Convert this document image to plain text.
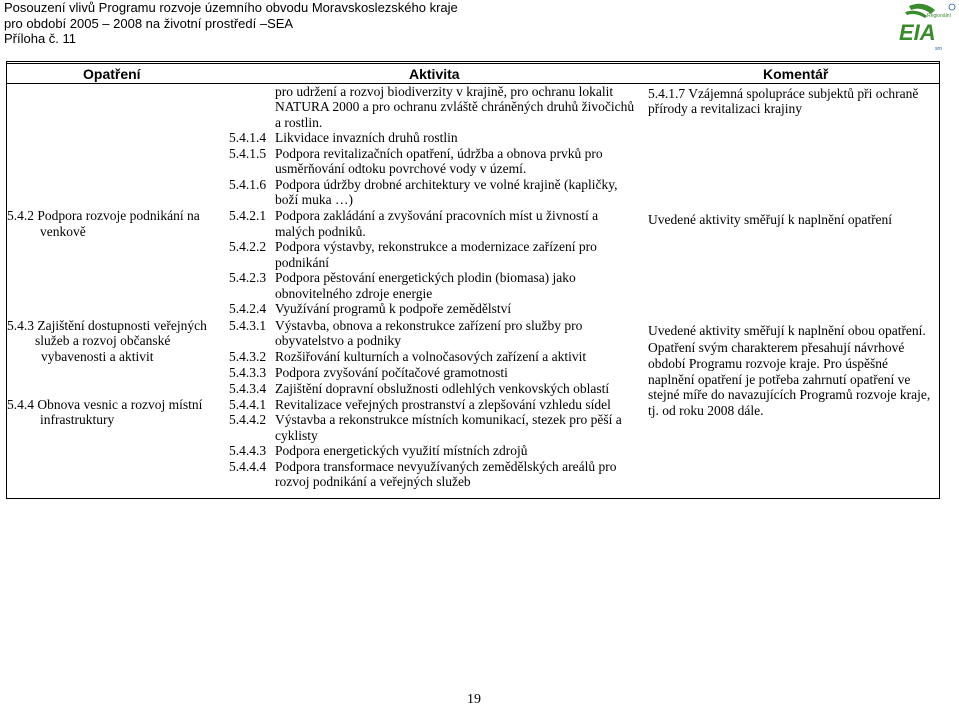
Posouzení vlivů Programu rozvoje územního obvodu Moravskoslezského kraje
pro období 2005 – 2008 na životní prostředí –SEA
Příloha č. 11
Regionální
EIA
sro
Opatření	Aktivita	Komentář
5.4.2 Podpora rozvoje podnikání na
venkově
5.4.3 Zajištění dostupnosti veřejných
služeb a rozvoj občanské
vybavenosti a aktivit
5.4.4 Obnova vesnic a rozvoj místní
infrastruktury
pro udržení a rozvoj biodiverzity v krajině, pro ochranu lokalit
NATURA 2000 a pro ochranu zvláště chráněných druhů živočichů
a rostlin.
5.4.1.4 Likvidace invazních druhů rostlin
5.4.1.5 Podpora revitalizačních opatření, údržba a obnova prvků pro
usměrňování odtoku povrchové vody v území.
5.4.1.6 Podpora údržby drobné architektury ve volné krajině (kapličky,
boží muka …)
5.4.2.1 Podpora zakládání a zvyšování pracovních míst u živností a
malých podniků.
5.4.2.2 Podpora výstavby, rekonstrukce a modernizace zařízení pro
podnikání
5.4.2.3 Podpora pěstování energetických plodin (biomasa) jako
obnovitelného zdroje energie
5.4.2.4 Využívání programů k podpoře zemědělství
5.4.3.1 Výstavba, obnova a rekonstrukce zařízení pro služby pro
obyvatelstvo a podniky
5.4.3.2 Rozšiřování kulturních a volnočasových zařízení a aktivit
5.4.3.3 Podpora zvyšování počítačové gramotnosti
5.4.3.4 Zajištění dopravní obslužnosti odlehlých venkovských oblastí
5.4.4.1 Revitalizace veřejných prostranství a zlepšování vzhledu sídel
5.4.4.2 Výstavba a rekonstrukce místních komunikací, stezek pro pěší a
cyklisty
5.4.4.3 Podpora energetických využití místních zdrojů
5.4.4.4 Podpora transformace nevyužívaných zemědělských areálů pro
rozvoj podnikání a veřejných služeb
5.4.1.7 Vzájemná spolupráce subjektů při ochraně
přírody a revitalizaci krajiny
Uvedené aktivity směřují k naplnění opatření
Uvedené aktivity směřují k naplnění obou opatření.
Opatření svým charakterem přesahují návrhové
období Programu rozvoje kraje. Pro úspěšné
naplnění opatření je potřeba zahrnutí opatření ve
stejné míře do navazujících Programů rozvoje kraje,
tj. od roku 2008 dále.
19
